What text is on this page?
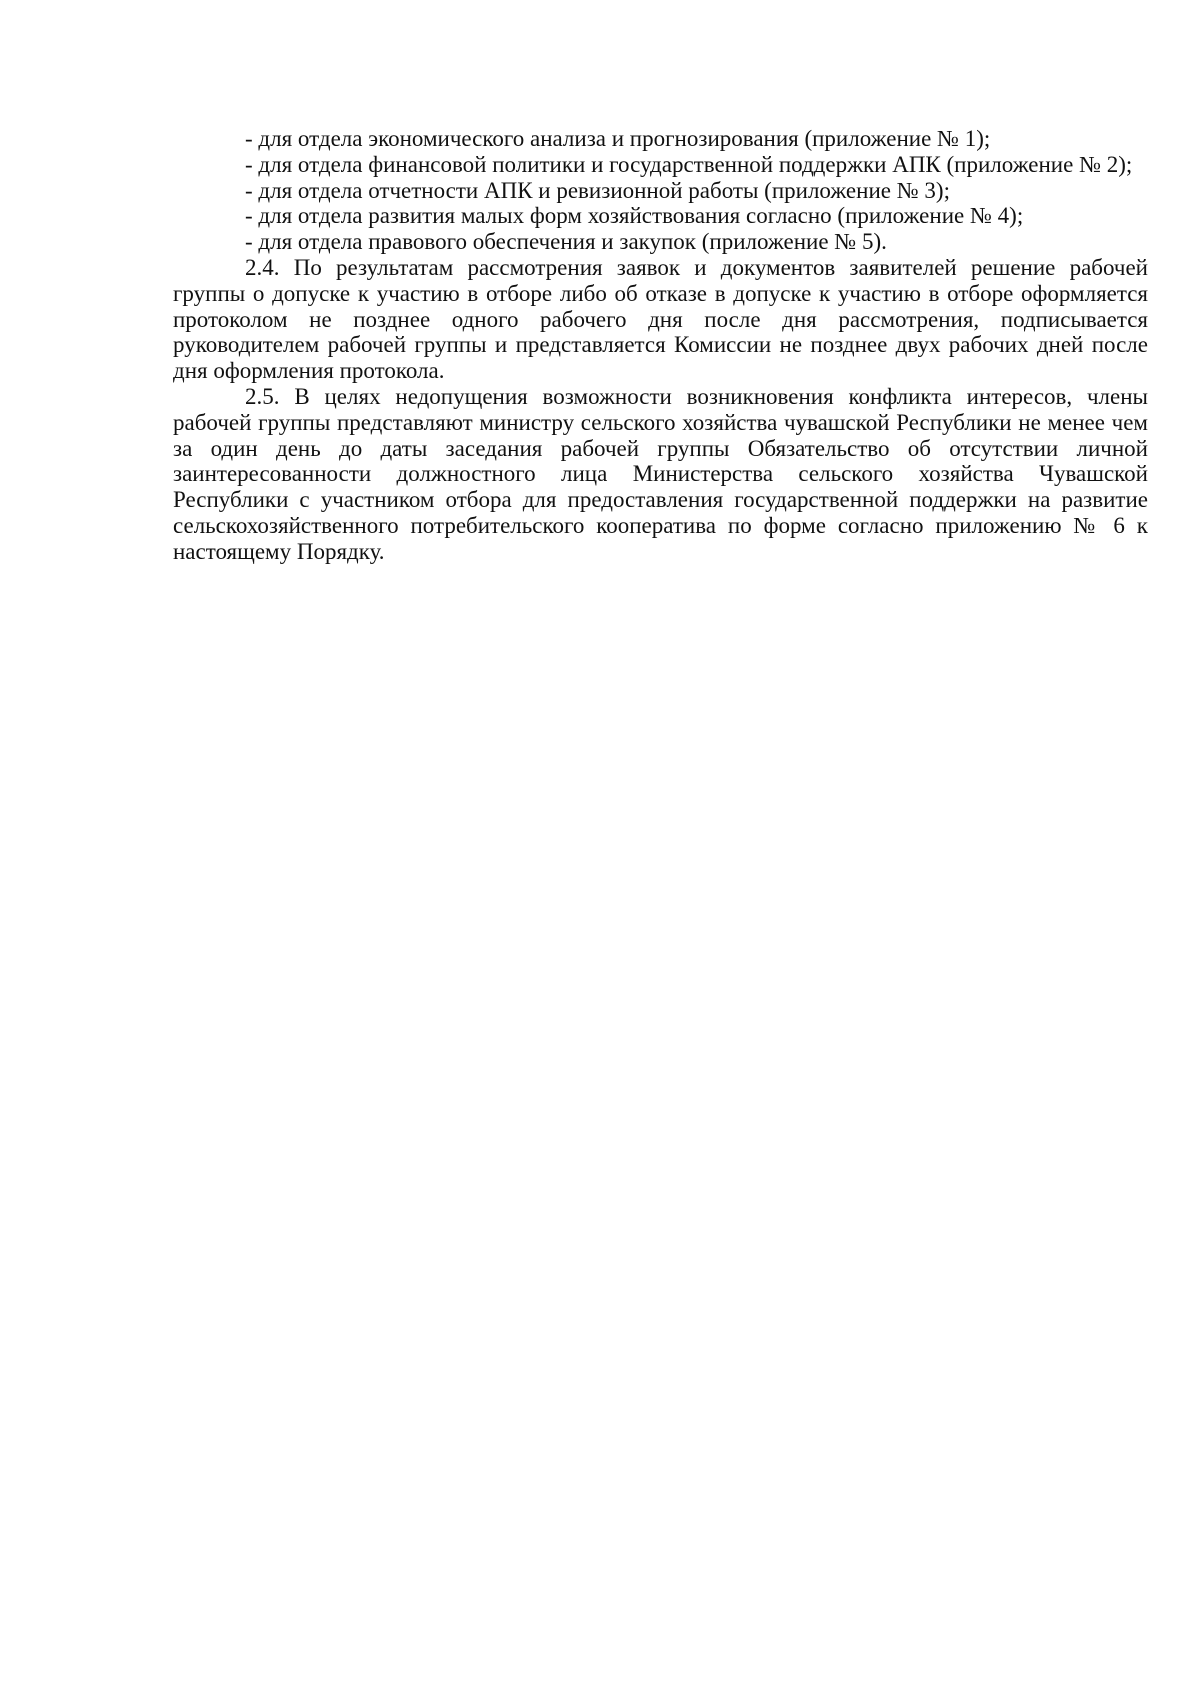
- для отдела экономического анализа и прогнозирования (приложение № 1);

- для отдела финансовой политики и государственной поддержки АПК (приложение № 2);

- для отдела отчетности АПК и ревизионной работы (приложение № 3);

- для отдела развития малых форм хозяйствования согласно (приложение № 4);

- для отдела правового обеспечения и закупок (приложение № 5).

2.4. По результатам рассмотрения заявок и документов заявителей решение рабочей группы о допуске к участию в отборе либо об отказе в допуске к участию в отборе оформляется протоколом не позднее одного рабочего дня после дня рассмотрения, подписывается руководителем рабочей группы и представляется Комиссии не позднее двух рабочих дней после дня оформления протокола.

2.5. В целях недопущения возможности возникновения конфликта интересов, члены рабочей группы представляют министру сельского хозяйства чувашской Республики не менее чем за один день до даты заседания рабочей группы Обязательство об отсутствии личной заинтересованности должностного лица Министерства сельского хозяйства Чувашской Республики с участником отбора для предоставления государственной поддержки на развитие сельскохозяйственного потребительского кооператива по форме согласно приложению № 6 к настоящему Порядку.
